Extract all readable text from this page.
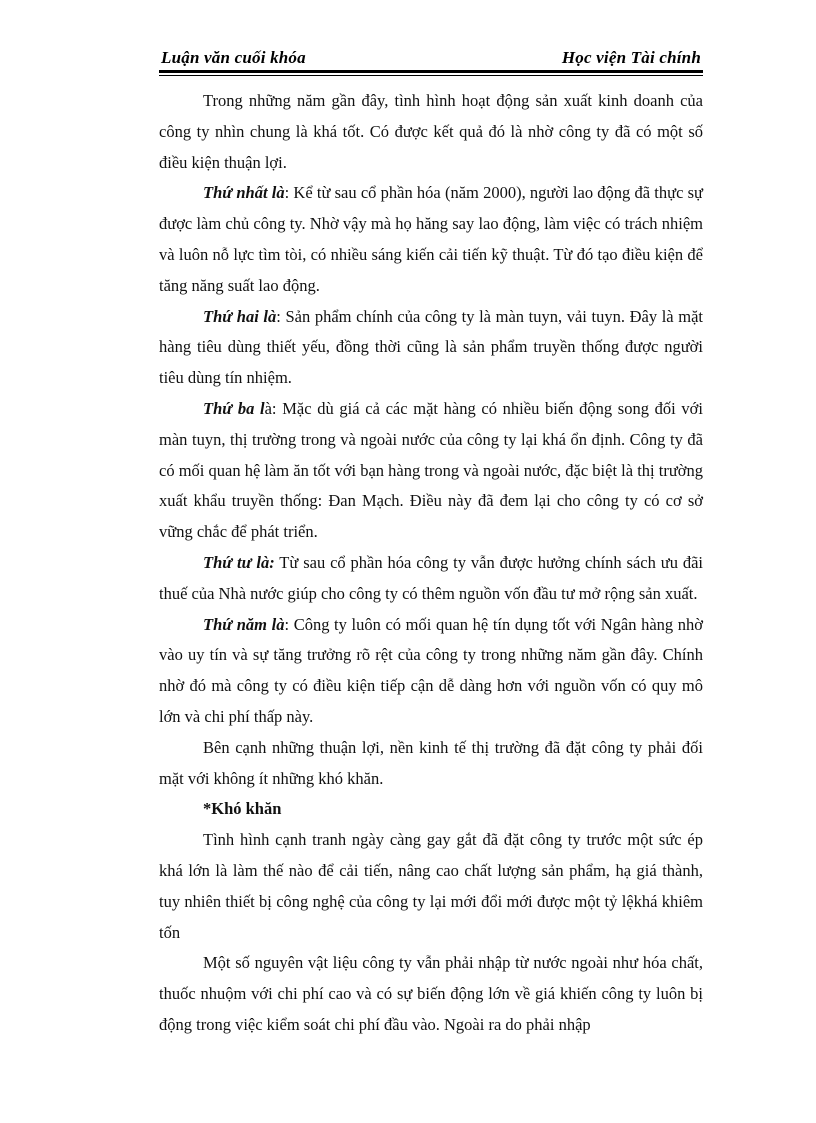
Luận văn cuối khóa	Học viện Tài chính

Trong những năm gần đây, tình hình hoạt động sản xuất kinh doanh của công ty nhìn chung là khá tốt. Có được kết quả đó là nhờ công ty đã có một số điều kiện thuận lợi.

Thứ nhất là: Kể từ sau cổ phần hóa (năm 2000), người lao động đã thực sự được làm chủ công ty. Nhờ vậy mà họ hăng say lao động, làm việc có trách nhiệm và luôn nỗ lực tìm tòi, có nhiều sáng kiến cải tiến kỹ thuật. Từ đó tạo điều kiện để tăng năng suất lao động.

Thứ hai là: Sản phẩm chính của công ty là màn tuyn, vải tuyn. Đây là mặt hàng tiêu dùng thiết yếu, đồng thời cũng là sản phẩm truyền thống được người tiêu dùng tín nhiệm.

Thứ ba là: Mặc dù giá cả các mặt hàng có nhiều biến động song đối với màn tuyn, thị trường trong và ngoài nước của công ty lại khá ổn định. Công ty đã có mối quan hệ làm ăn tốt với bạn hàng trong và ngoài nước, đặc biệt là thị trường xuất khẩu truyền thống: Đan Mạch. Điều này đã đem lại cho công ty có cơ sở vững chắc để phát triển.

Thứ tư là: Từ sau cổ phần hóa công ty vẫn được hưởng chính sách ưu đãi thuế của Nhà nước giúp cho công ty có thêm nguồn vốn đầu tư mở rộng sản xuất.

Thứ năm là: Công ty luôn có mối quan hệ tín dụng tốt với Ngân hàng nhờ vào uy tín và sự tăng trưởng rõ rệt của công ty trong những năm gần đây. Chính nhờ đó mà công ty có điều kiện tiếp cận dễ dàng hơn với nguồn vốn có quy mô lớn và chi phí thấp này.

Bên cạnh những thuận lợi, nền kinh tế thị trường đã đặt công ty phải đối mặt với không ít những khó khăn.

*Khó khăn

Tình hình cạnh tranh ngày càng gay gắt đã đặt công ty trước một sức ép khá lớn là làm thế nào để cải tiến, nâng cao chất lượng sản phẩm, hạ giá thành, tuy nhiên thiết bị công nghệ của công ty lại mới đổi mới được một tỷ lệkhá khiêm tốn

Một số nguyên vật liệu công ty vẫn phải nhập từ nước ngoài như hóa chất, thuốc nhuộm với chi phí cao và có sự biến động lớn về giá khiến công ty luôn bị động trong việc kiểm soát chi phí đầu vào. Ngoài ra do phải nhập
